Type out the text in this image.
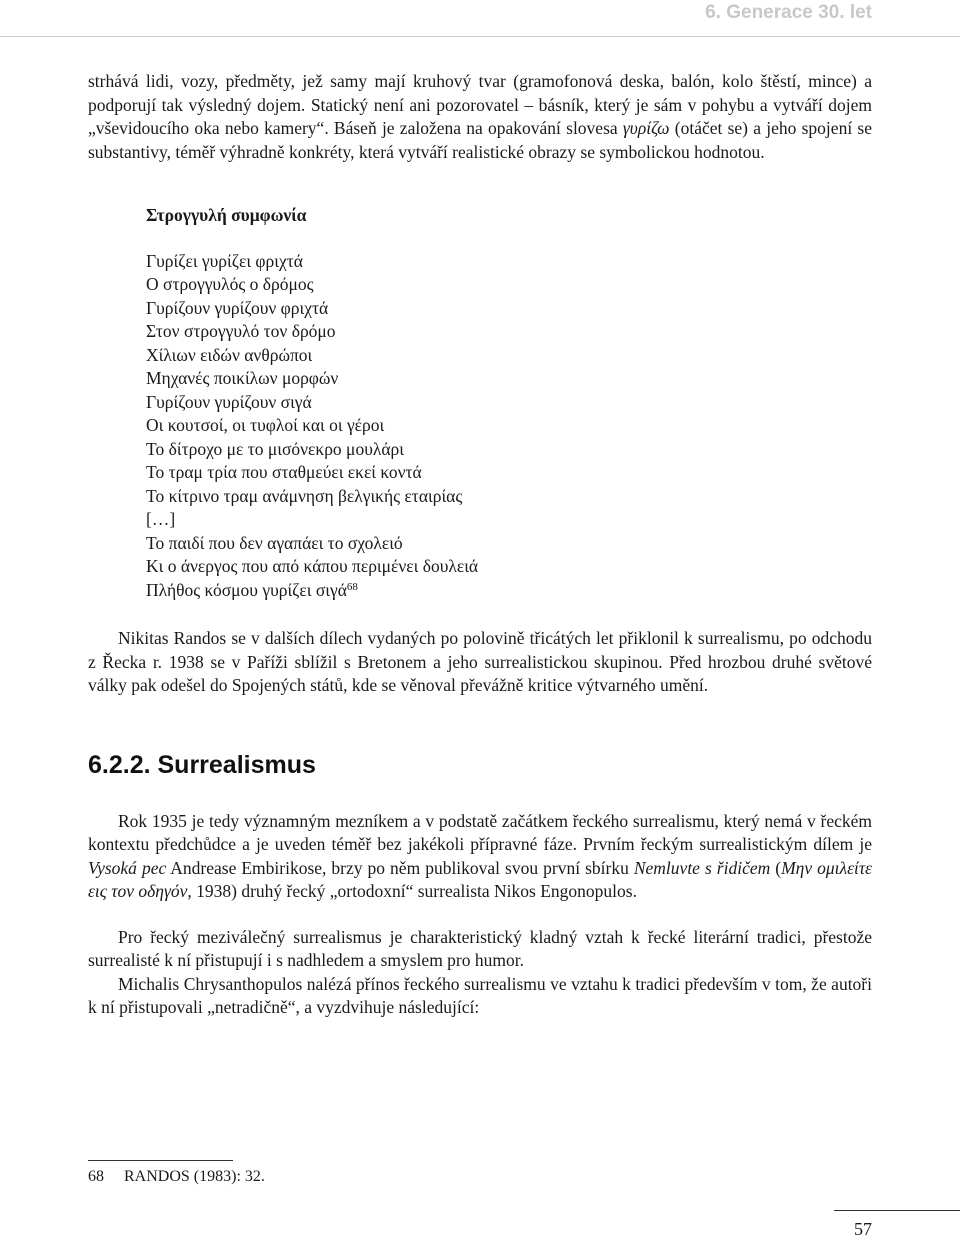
6. Generace 30. let

strhává lidi, vozy, předměty, jež samy mají kruhový tvar (gramofonová deska, balón, kolo štěstí, mince) a podporují tak výsledný dojem. Statický není ani pozorovatel – básník, který je sám v pohybu a vytváří dojem „vševidoucího oka nebo kamery“. Báseň je založena na opakování slovesa γυρίζω (otáčet se) a jeho spojení se substantivy, téměř výhradně konkréty, která vytváří realistické obrazy se symbolickou hodnotou.

Στρογγυλή συμφωνία
Γυρίζει γυρίζει φριχτά
Ο στρογγυλός ο δρόμος
Γυρίζουν γυρίζουν φριχτά
Στον στρογγυλό τον δρόμο
Χίλιων ειδών ανθρώποι
Μηχανές ποικίλων μορφών
Γυρίζουν γυρίζουν σιγά
Οι κουτσοί, οι τυφλοί και οι γέροι
Το δίτροχο με το μισόνεκρο μουλάρι
Το τραμ τρία που σταθμεύει εκεί κοντά
Το κίτρινο τραμ ανάμνηση βελγικής εταιρίας
[…]
Το παιδί που δεν αγαπάει το σχολειό
Κι ο άνεργος που από κάπου περιμένει δουλειά
Πλήθος κόσμου γυρίζει σιγά$^{68}$

Nikitas Randos se v dalších dílech vydaných po polovině třicátých let přiklonil k surrealismu, po odchodu z Řecka r. 1938 se v Paříži sblížil s Bretonem a jeho surrealistickou skupinou. Před hrozbou druhé světové války pak odešel do Spojených států, kde se věnoval převážně kritice výtvarného umění.

6.2.2. Surrealismus

Rok 1935 je tedy významným mezníkem a v podstatě začátkem řeckého surrealismu, který nemá v řeckém kontextu předchůdce a je uveden téměř bez jakékoli přípravné fáze. Prvním řeckým surrealistickým dílem je Vysoká pec Andrease Embirikose, brzy po něm publikoval svou první sbírku Nemluvte s řidičem (Μην ομιλείτε εις τον οδηγόν, 1938) druhý řecký „ortodoxní“ surrealista Nikos Engonopulos.

Pro řecký meziválečný surrealismus je charakteristický kladný vztah k řecké literární tradici, přestože surrealisté k ní přistupují i s nadhledem a smyslem pro humor.

Michalis Chrysanthopulos nalézá přínos řeckého surrealismu ve vztahu k tradici především v tom, že autoři k ní přistupovali „netradičně“, a vyzdvihuje následující:

68 RANDOS (1983): 32.
57
